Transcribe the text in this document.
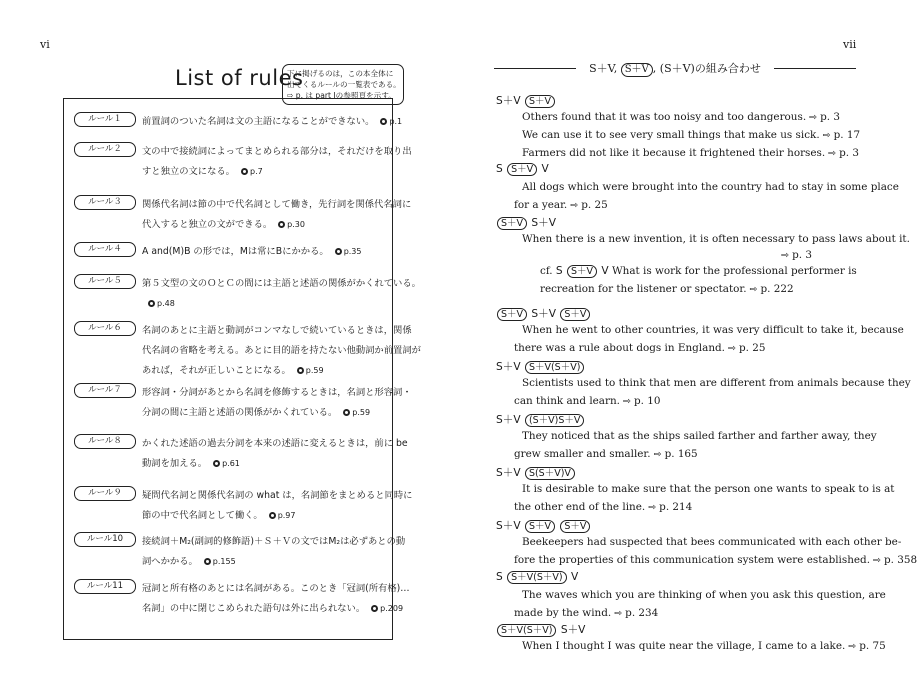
vi
List of rules
下に掲げるのは，この本全体に
出てくるルールの一覧表である。
⇨ p. は part Ⅰの参照頁を示す。
ルール１	前置詞のついた名詞は文の主語になることができない。 p.1
ルール２	文の中で接続詞によってまとめられる部分は，それだけを取り出
すと独立の文になる。 p.7
ルール３	関係代名詞は節の中で代名詞として働き，先行詞を関係代名詞に
代入すると独立の文ができる。 p.30
ルール４	A and(M)B の形では，Mは常にBにかかる。 p.35
ルール５	第５文型の文のＯとＣの間には主語と述語の関係がかくれている。
p.48
ルール６	名詞のあとに主語と動詞がコンマなしで続いているときは，関係
代名詞の省略を考える。あとに目的語を持たない他動詞か前置詞が
あれば，それが正しいことになる。 p.59
ルール７	形容詞・分詞があとから名詞を修飾するときは，名詞と形容詞・
分詞の間に主語と述語の関係がかくれている。 p.59
ルール８	かくれた述語の過去分詞を本来の述語に変えるときは，前に be
動詞を加える。 p.61
ルール９	疑問代名詞と関係代名詞の what は，名詞節をまとめると同時に
節の中で代名詞として働く。 p.97
ルール10	接続詞＋M₂(副詞的修飾語)＋Ｓ＋Ｖの文ではM₂は必ずあとの動
詞へかかる。 p.155
ルール11	冠詞と所有格のあとには名詞がある。このとき「冠詞(所有格)…
名詞」の中に閉じこめられた語句は外に出られない。 p.209
vii
S＋V, S＋V , (S＋V)の組み合わせ
S＋V S＋V
Others found that it was too noisy and too dangerous. ⇨ p. 3
We can use it to see very small things that make us sick. ⇨ p. 17
Farmers did not like it because it frightened their horses. ⇨ p. 3
S S＋V V
All dogs which were brought into the country had to stay in some place
for a year. ⇨ p. 25
S＋V S＋V
When there is a new invention, it is often necessary to pass laws about it.
⇨ p. 3
cf. S S＋V V What is work for the professional performer is
recreation for the listener or spectator. ⇨ p. 222
S＋V S＋V S＋V
When he went to other countries, it was very difficult to take it, because
there was a rule about dogs in England. ⇨ p. 25
S＋V S＋V(S＋V)
Scientists used to think that men are different from animals because they
can think and learn. ⇨ p. 10
S＋V (S＋V)S＋V
They noticed that as the ships sailed farther and farther away, they
grew smaller and smaller. ⇨ p. 165
S＋V S(S＋V)V
It is desirable to make sure that the person one wants to speak to is at
the other end of the line. ⇨ p. 214
S＋V S＋V S＋V
Beekeepers had suspected that bees communicated with each other be-
fore the properties of this communication system were established. ⇨ p. 358
S S＋V(S＋V) V
The waves which you are thinking of when you ask this question, are
made by the wind. ⇨ p. 234
S＋V(S＋V) S＋V
When I thought I was quite near the village, I came to a lake. ⇨ p. 75
